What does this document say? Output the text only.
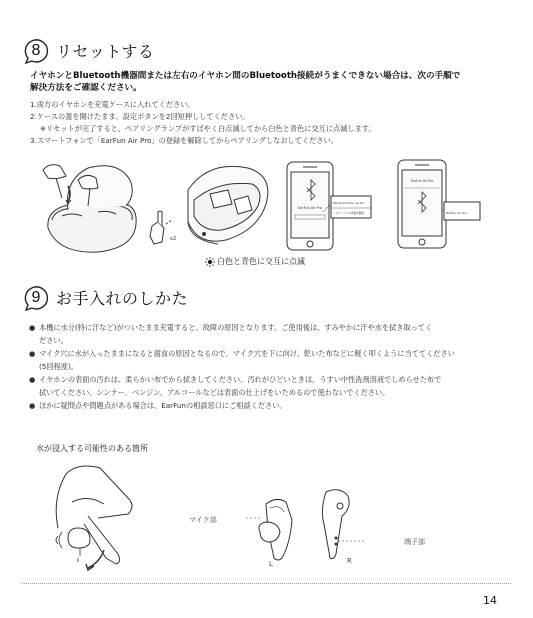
8 リセットする
イヤホンとBluetooth機器間または左右のイヤホン間のBluetooth接続がうまくできない場合は、次の手順で
解決方法をご確認ください。
1.両方のイヤホンを充電ケースに入れてください。
2.ケースの蓋を開けたまま、設定ボタンを2回短押ししてください。
※リセットが完了すると、ペアリングランプがすばやく白点滅してから白色と青色に交互に点滅します。
3.スマートフォンで「EarFun Air Pro」の登録を解除してからペアリングしなおしてください。
x2
EarFun Air Pro
Bluetooth Earfun Air Pro
このデバイスの登録を解除
EarFun Air Pro
EarFun Air Pro
白色と青色に交互に点滅
9 お手入れのしかた
● 本機に水分(特に汗など)がついたまま充電すると、故障の原因となります。ご使用後は、すみやかに汗や水を拭き取ってく
ださい。
● マイク穴に水が入ったままになると腐食の原因となるので、マイク穴を下に向け、乾いた布などに軽く叩くように当ててください
(5回程度)。
● イヤホンの表面の汚れは、柔らかい布でから拭きしてください。汚れがひどいときは、うすい中性洗剤溶液でしめらせた布で
拭いてください。シンナー、ベンジン、アルコールなどは表面の仕上げをいためるので使わないでください。
● ほかに疑問点や問題点がある場合は、EarFunの相談窓口にご相談ください。
水が浸入する可能性のある箇所
マイク部
端子部
L	R
14
